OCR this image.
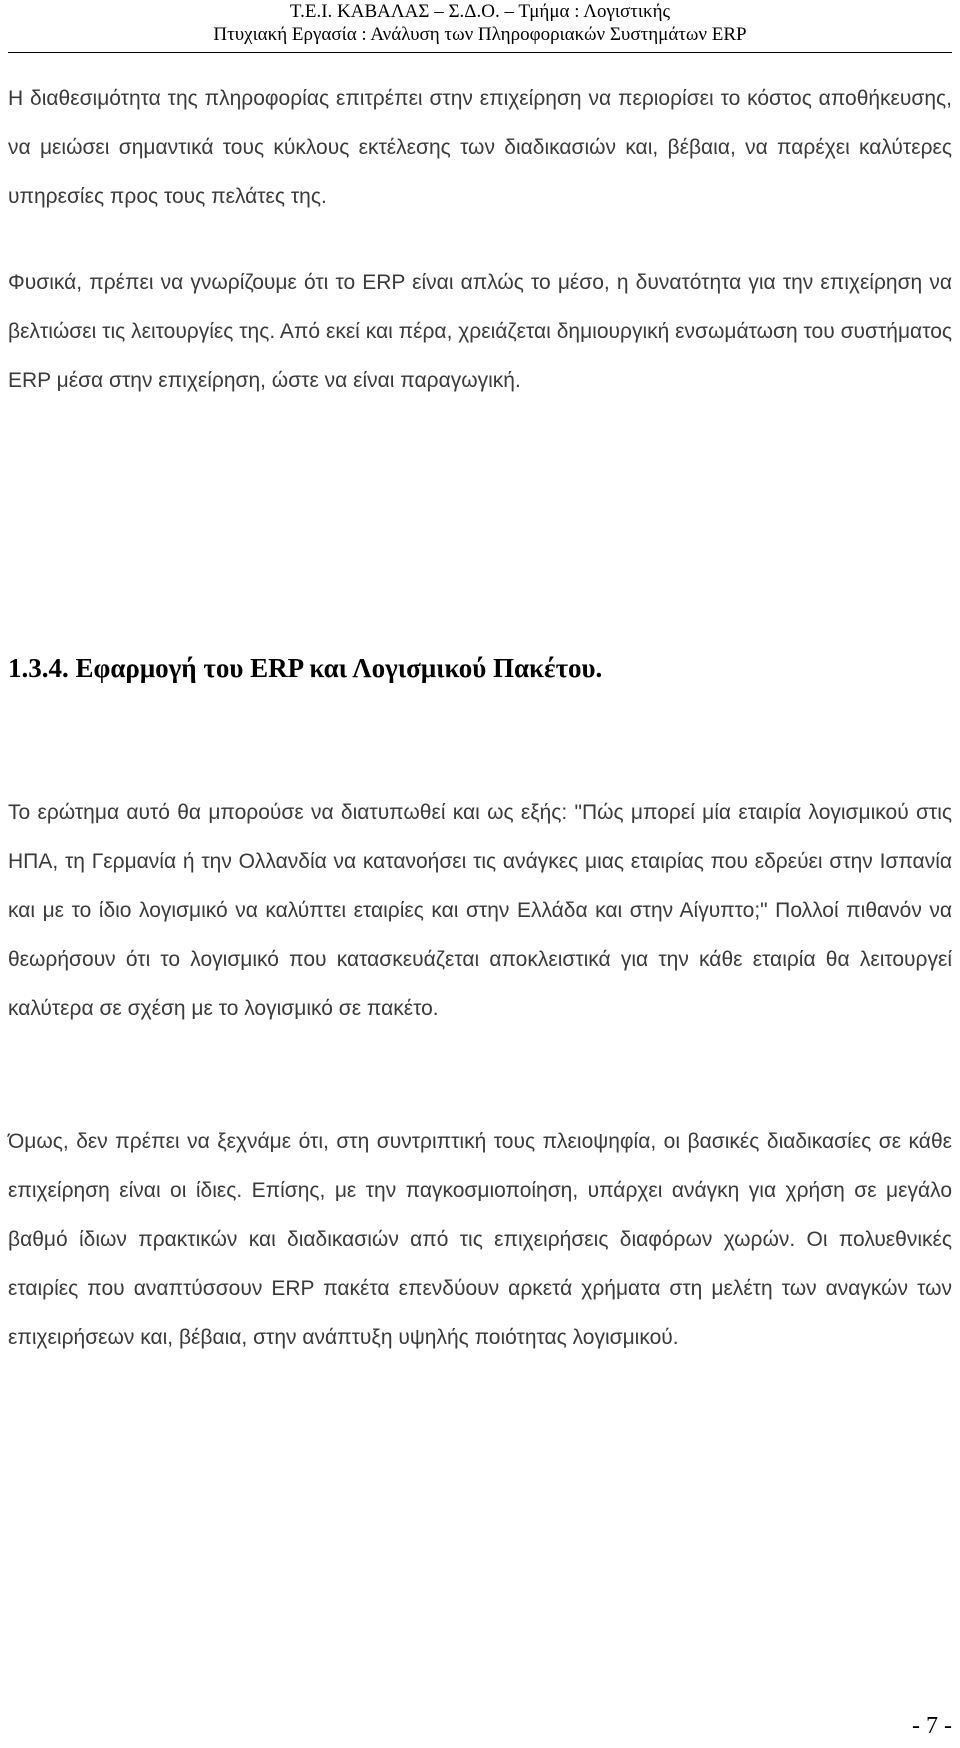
Τ.Ε.Ι. ΚΑΒΑΛΑΣ – Σ.Δ.Ο. – Τμήμα : Λογιστικής
Πτυχιακή Εργασία : Ανάλυση των Πληροφοριακών Συστημάτων ERP

Η διαθεσιμότητα της πληροφορίας επιτρέπει στην επιχείρηση να περιορίσει το κόστος αποθήκευσης, να μειώσει σημαντικά τους κύκλους εκτέλεσης των διαδικασιών και, βέβαια, να παρέχει καλύτερες υπηρεσίες προς τους πελάτες της.

Φυσικά, πρέπει να γνωρίζουμε ότι το ERP είναι απλώς το μέσο, η δυνατότητα για την επιχείρηση να βελτιώσει τις λειτουργίες της. Από εκεί και πέρα, χρειάζεται δημιουργική ενσωμάτωση του συστήματος ERP μέσα στην επιχείρηση, ώστε να είναι παραγωγική.

1.3.4. Εφαρμογή του ERP και Λογισμικού Πακέτου.

Το ερώτημα αυτό θα μπορούσε να διατυπωθεί και ως εξής: "Πώς μπορεί μία εταιρία λογισμικού στις ΗΠΑ, τη Γερμανία ή την Ολλανδία να κατανοήσει τις ανάγκες μιας εταιρίας που εδρεύει στην Ισπανία και με το ίδιο λογισμικό να καλύπτει εταιρίες και στην Ελλάδα και στην Αίγυπτο;" Πολλοί πιθανόν να θεωρήσουν ότι το λογισμικό που κατασκευάζεται αποκλειστικά για την κάθε εταιρία θα λειτουργεί καλύτερα σε σχέση με το λογισμικό σε πακέτο.

Όμως, δεν πρέπει να ξεχνάμε ότι, στη συντριπτική τους πλειοψηφία, οι βασικές διαδικασίες σε κάθε επιχείρηση είναι οι ίδιες. Επίσης, με την παγκοσμιοποίηση, υπάρχει ανάγκη για χρήση σε μεγάλο βαθμό ίδιων πρακτικών και διαδικασιών από τις επιχειρήσεις διαφόρων χωρών. Οι πολυεθνικές εταιρίες που αναπτύσσουν ERP πακέτα επενδύουν αρκετά χρήματα στη μελέτη των αναγκών των επιχειρήσεων και, βέβαια, στην ανάπτυξη υψηλής ποιότητας λογισμικού.

- 7 -
